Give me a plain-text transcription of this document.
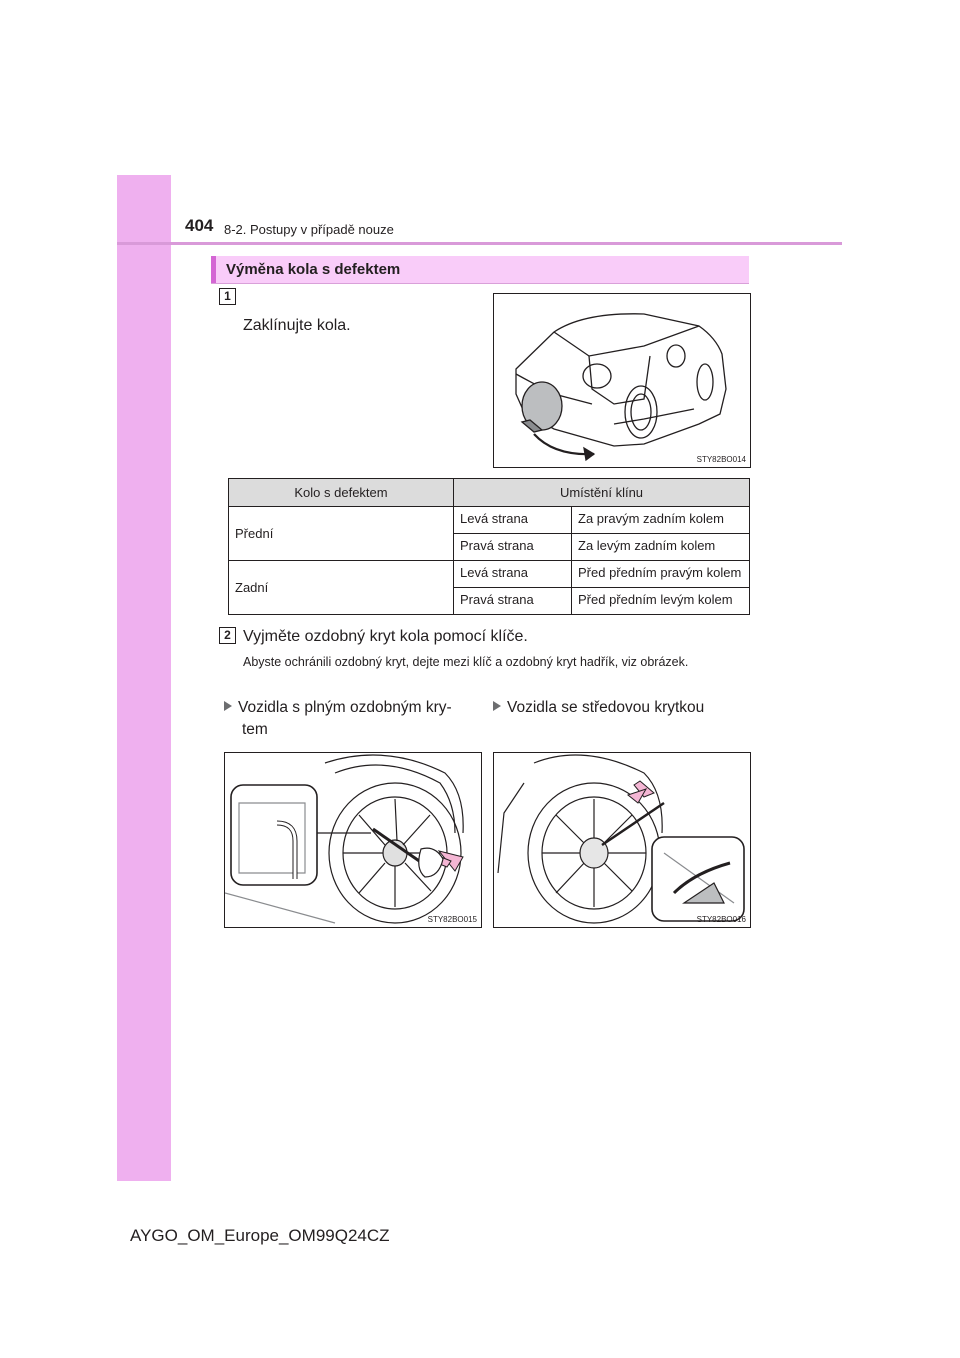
404 8-2. Postupy v případě nouze
Výměna kola s defektem
1
Zaklínujte kola.
STY82BO014
Kolo s defektem	Umístění klínu	
Přední	Levá strana	Za pravým zadním kolem
	Pravá strana	Za levým zadním kolem
Zadní	Levá strana	Před předním pravým kolem
	Pravá strana	Před předním levým kolem
2 Vyjměte ozdobný kryt kola pomocí klíče.
Abyste ochránili ozdobný kryt, dejte mezi klíč a ozdobný kryt hadřík, viz obrázek.
Vozidla s plným ozdobným kry-
tem
Vozidla se středovou krytkou
STY82BO015	STY82BO016
AYGO_OM_Europe_OM99Q24CZ
